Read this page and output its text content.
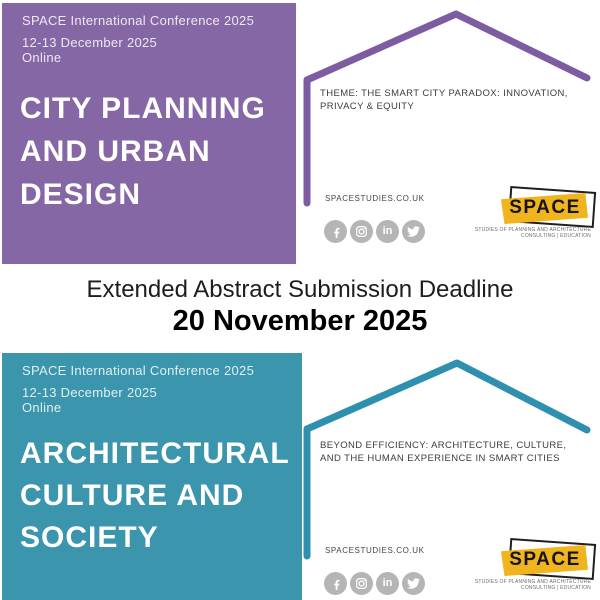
SPACE International Conference 2025
12-13 December 2025
Online
CITY PLANNING
AND URBAN
DESIGN
THEME: THE SMART CITY PARADOX: INNOVATION,
PRIVACY & EQUITY
SPACESTUDIES.CO.UK
in
SPACE
STUDIES OF PLANNING AND ARCHITECTURE
CONSULTING | EDUCATION
Extended Abstract Submission Deadline
20 November 2025
SPACE International Conference 2025
12-13 December 2025
Online
ARCHITECTURAL
CULTURE AND
SOCIETY
BEYOND EFFICIENCY: ARCHITECTURE, CULTURE,
AND THE HUMAN EXPERIENCE IN SMART CITIES
SPACESTUDIES.CO.UK
in
SPACE
STUDIES OF PLANNING AND ARCHITECTURE
CONSULTING | EDUCATION
